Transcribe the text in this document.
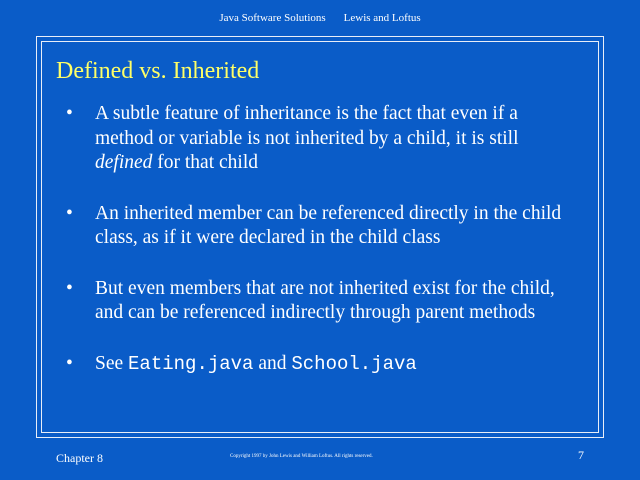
Java Software Solutions Lewis and Loftus
Defined vs. Inherited
• A subtle feature of inheritance is the fact that even if a method or variable is not inherited by a child, it is still defined for that child
• An inherited member can be referenced directly in the child class, as if it were declared in the child class
• But even members that are not inherited exist for the child, and can be referenced indirectly through parent methods
• See Eating.java and School.java
Chapter 8	Copyright 1997 by John Lewis and William Loftus. All rights reserved.	7
